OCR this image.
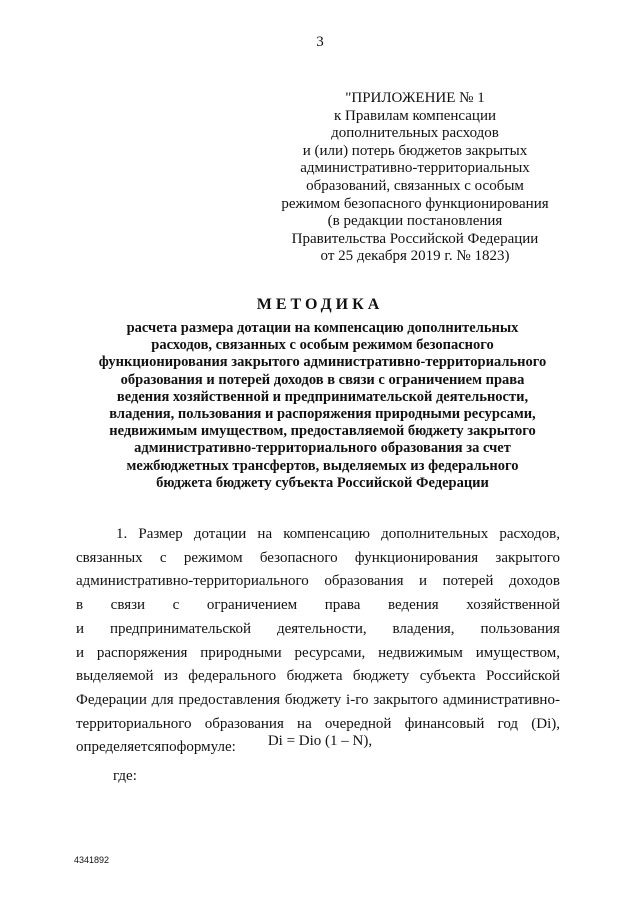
3
"ПРИЛОЖЕНИЕ № 1
к Правилам компенсации
дополнительных расходов
и (или) потерь бюджетов закрытых
административно-территориальных
образований, связанных с особым
режимом безопасного функционирования
(в редакции постановления
Правительства Российской Федерации
от 25 декабря 2019 г. № 1823)
МЕТОДИКА
расчета размера дотации на компенсацию дополнительных
расходов, связанных с особым режимом безопасного
функционирования закрытого административно-территориального
образования и потерей доходов в связи с ограничением права
ведения хозяйственной и предпринимательской деятельности,
владения, пользования и распоряжения природными ресурсами,
недвижимым имуществом, предоставляемой бюджету закрытого
административно-территориального образования за счет
межбюджетных трансфертов, выделяемых из федерального
бюджета бюджету субъекта Российской Федерации
1. Размер дотации на компенсацию дополнительных расходов,
связанных с режимом безопасного функционирования закрытого
административно-территориального образования и потерей доходов
в связи с ограничением права ведения хозяйственной
и предпринимательской деятельности, владения, пользования
и распоряжения природными ресурсами, недвижимым имуществом,
выделяемой из федерального бюджета бюджету субъекта Российской
Федерации для предоставления бюджету i-го закрытого административно-
территориального образования на очередной финансовый год (Di),
определяется по формуле:	Di = Dio (1 – N),
где:
4341892
